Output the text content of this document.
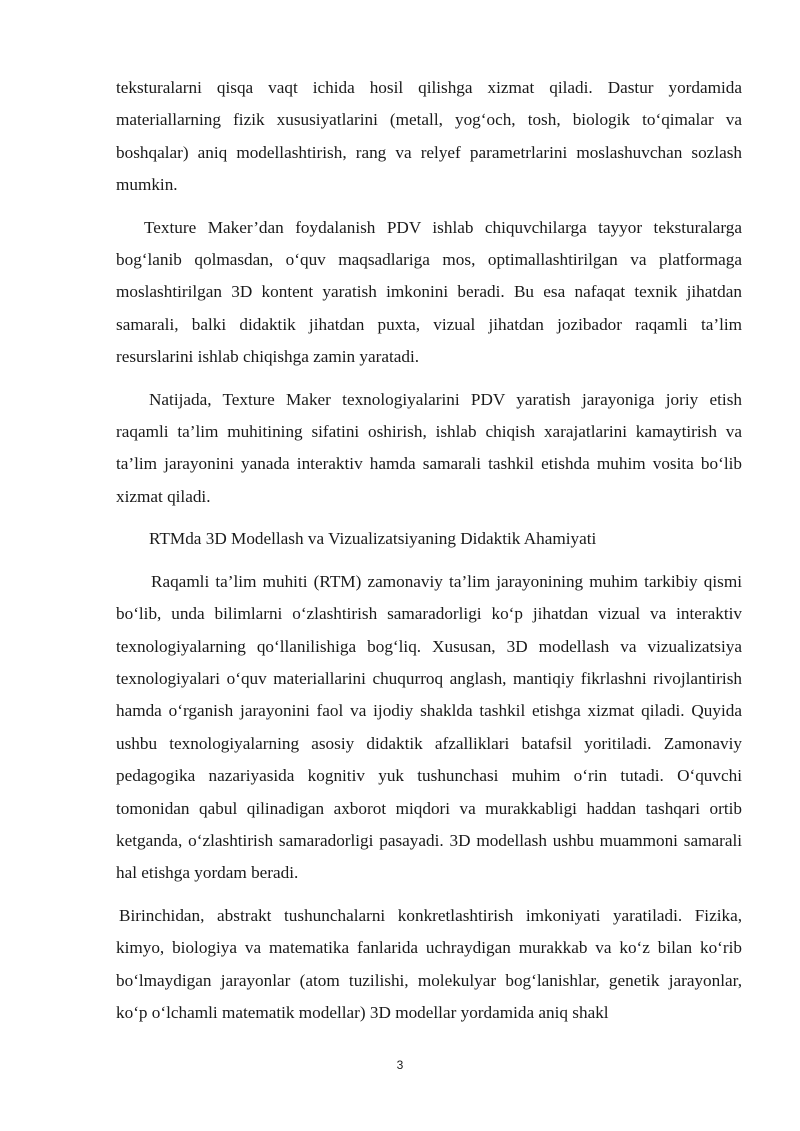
teksturalarni qisqa vaqt ichida hosil qilishga xizmat qiladi. Dastur yordamida materiallarning fizik xususiyatlarini (metall, yog‘och, tosh, biologik to‘qimalar va boshqalar) aniq modellashtirish, rang va relyef parametrlarini moslashuvchan sozlash mumkin.

Texture Maker’dan foydalanish PDV ishlab chiquvchilarga tayyor teksturalarga bog‘lanib qolmasdan, o‘quv maqsadlariga mos, optimallashtirilgan va platformaga moslashtirilgan 3D kontent yaratish imkonini beradi. Bu esa nafaqat texnik jihatdan samarali, balki didaktik jihatdan puxta, vizual jihatdan jozibador raqamli ta’lim resurslarini ishlab chiqishga zamin yaratadi.

Natijada, Texture Maker texnologiyalarini PDV yaratish jarayoniga joriy etish raqamli ta’lim muhitining sifatini oshirish, ishlab chiqish xarajatlarini kamaytirish va ta’lim jarayonini yanada interaktiv hamda samarali tashkil etishda muhim vosita bo‘lib xizmat qiladi.

RTMda 3D Modellash va Vizualizatsiyaning Didaktik Ahamiyati

Raqamli ta’lim muhiti (RTM) zamonaviy ta’lim jarayonining muhim tarkibiy qismi bo‘lib, unda bilimlarni o‘zlashtirish samaradorligi ko‘p jihatdan vizual va interaktiv texnologiyalarning qo‘llanilishiga bog‘liq. Xususan, 3D modellash va vizualizatsiya texnologiyalari o‘quv materiallarini chuqurroq anglash, mantiqiy fikrlashni rivojlantirish hamda o‘rganish jarayonini faol va ijodiy shaklda tashkil etishga xizmat qiladi. Quyida ushbu texnologiyalarning asosiy didaktik afzalliklari batafsil yoritiladi. Zamonaviy pedagogika nazariyasida kognitiv yuk tushunchasi muhim o‘rin tutadi. O‘quvchi tomonidan qabul qilinadigan axborot miqdori va murakkabligi haddan tashqari ortib ketganda, o‘zlashtirish samaradorligi pasayadi. 3D modellash ushbu muammoni samarali hal etishga yordam beradi.

Birinchidan, abstrakt tushunchalarni konkretlashtirish imkoniyati yaratiladi. Fizika, kimyo, biologiya va matematika fanlarida uchraydigan murakkab va ko‘z bilan ko‘rib bo‘lmaydigan jarayonlar (atom tuzilishi, molekulyar bog‘lanishlar, genetik jarayonlar, ko‘p o‘lchamli matematik modellar) 3D modellar yordamida aniq shakl

3
